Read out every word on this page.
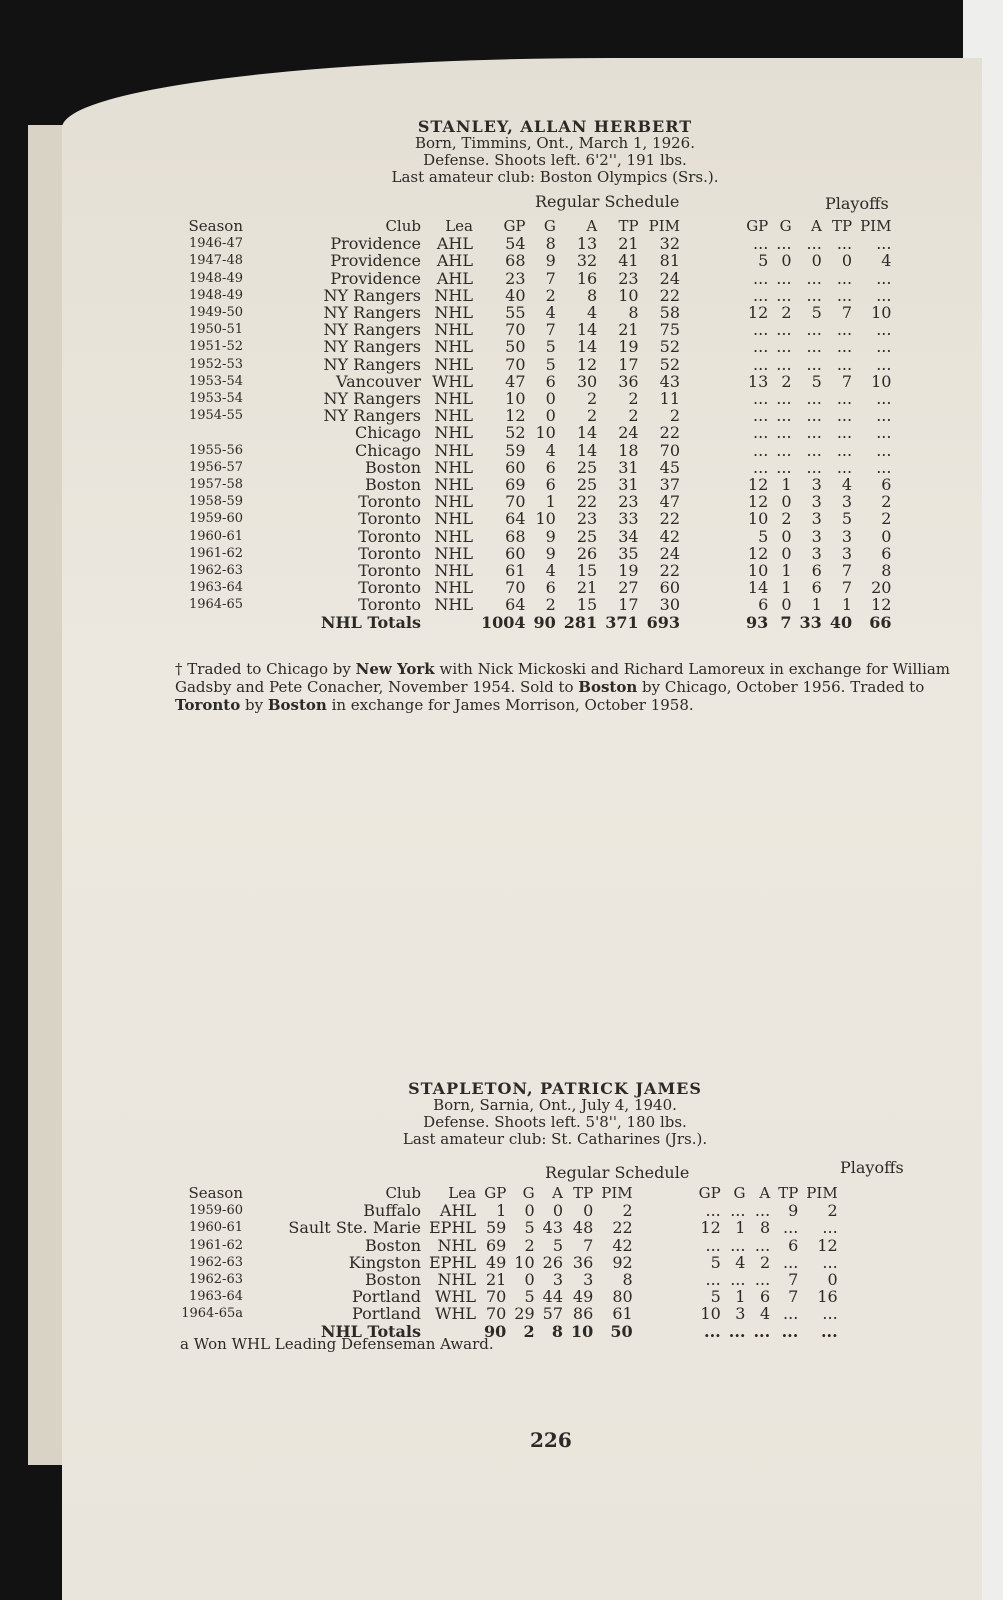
STANLEY, ALLAN HERBERT
Born, Timmins, Ont., March 1, 1926.
Defense. Shoots left. 6'2'', 191 lbs.
Last amateur club: Boston Olympics (Srs.).
Regular Schedule	Playoffs
Season	Club	Lea	GP	G	A	TP	PIM		GP	G	A	TP	PIM
1946-47	Providence	AHL	54	8	13	21	32		...	...	...	...	...
1947-48	Providence	AHL	68	9	32	41	81		5	0	0	0	4
1948-49	Providence	AHL	23	7	16	23	24		...	...	...	...	...
1948-49	NY Rangers	NHL	40	2	8	10	22		...	...	...	...	...
1949-50	NY Rangers	NHL	55	4	4	8	58		12	2	5	7	10
1950-51	NY Rangers	NHL	70	7	14	21	75		...	...	...	...	...
1951-52	NY Rangers	NHL	50	5	14	19	52		...	...	...	...	...
1952-53	NY Rangers	NHL	70	5	12	17	52		...	...	...	...	...
1953-54	Vancouver	WHL	47	6	30	36	43		13	2	5	7	10
1953-54	NY Rangers	NHL	10	0	2	2	11		...	...	...	...	...
1954-55	NY Rangers	NHL	12	0	2	2	2		...	...	...	...	...
	Chicago	NHL	52	10	14	24	22		...	...	...	...	...
1955-56	Chicago	NHL	59	4	14	18	70		...	...	...	...	...
1956-57	Boston	NHL	60	6	25	31	45		...	...	...	...	...
1957-58	Boston	NHL	69	6	25	31	37		12	1	3	4	6
1958-59	Toronto	NHL	70	1	22	23	47		12	0	3	3	2
1959-60	Toronto	NHL	64	10	23	33	22		10	2	3	5	2
1960-61	Toronto	NHL	68	9	25	34	42		5	0	3	3	0
1961-62	Toronto	NHL	60	9	26	35	24		12	0	3	3	6
1962-63	Toronto	NHL	61	4	15	19	22		10	1	6	7	8
1963-64	Toronto	NHL	70	6	21	27	60		14	1	6	7	20
1964-65	Toronto	NHL	64	2	15	17	30		6	0	1	1	12
	NHL Totals		1004	90	281	371	693		93	7	33	40	66
† Traded to Chicago by New York with Nick Mickoski and Richard Lamoreux in exchange for William Gadsby and Pete Conacher, November 1954. Sold to Boston by Chicago, October 1956. Traded to Toronto by Boston in exchange for James Morrison, October 1958.
STAPLETON, PATRICK JAMES
Born, Sarnia, Ont., July 4, 1940.
Defense. Shoots left. 5'8'', 180 lbs.
Last amateur club: St. Catharines (Jrs.).
Regular Schedule	Playoffs
Season	Club	Lea	GP	G	A	TP	PIM		GP	G	A	TP	PIM
1959-60	Buffalo	AHL	1	0	0	0	2		...	...	...	9	2
1960-61	Sault Ste. Marie	EPHL	59	5	43	48	22		12	1	8	...	...
1961-62	Boston	NHL	69	2	5	7	42		...	...	...	6	12
1962-63	Kingston	EPHL	49	10	26	36	92		5	4	2	...	...
1962-63	Boston	NHL	21	0	3	3	8		...	...	...	7	0
1963-64	Portland	WHL	70	5	44	49	80		5	1	6	7	16
1964-65a	Portland	WHL	70	29	57	86	61		10	3	4	...	...
	NHL Totals		90	2	8	10	50		...	...	...	...	...
a Won WHL Leading Defenseman Award.
226
